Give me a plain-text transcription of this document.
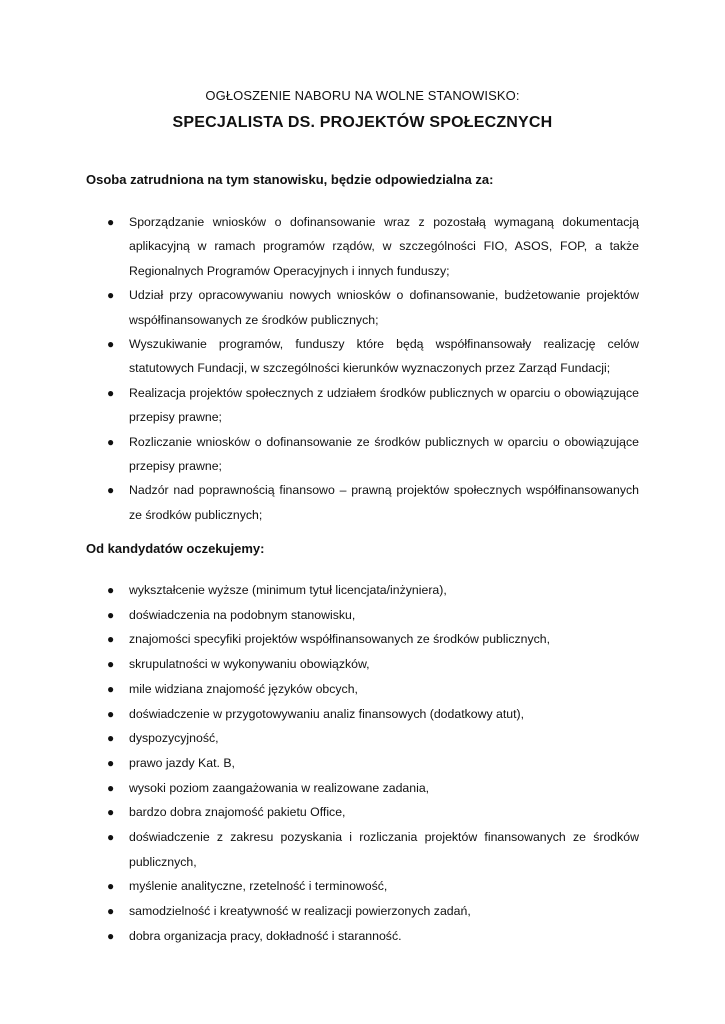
OGŁOSZENIE NABORU NA WOLNE STANOWISKO:
SPECJALISTA DS. PROJEKTÓW SPOŁECZNYCH

Osoba zatrudniona na tym stanowisku, będzie odpowiedzialna za:

● Sporządzanie wniosków o dofinansowanie wraz z pozostałą wymaganą dokumentacją aplikacyjną w ramach programów rządów, w szczególności FIO, ASOS, FOP, a także Regionalnych Programów Operacyjnych i innych funduszy;
● Udział przy opracowywaniu nowych wniosków o dofinansowanie, budżetowanie projektów współfinansowanych ze środków publicznych;
● Wyszukiwanie programów, funduszy które będą współfinansowały realizację celów statutowych Fundacji, w szczególności kierunków wyznaczonych przez Zarząd Fundacji;
● Realizacja projektów społecznych z udziałem środków publicznych w oparciu o obowiązujące przepisy prawne;
● Rozliczanie wniosków o dofinansowanie ze środków publicznych w oparciu o obowiązujące przepisy prawne;
● Nadzór nad poprawnością finansowo – prawną projektów społecznych współfinansowanych ze środków publicznych;

Od kandydatów oczekujemy:

● wykształcenie wyższe (minimum tytuł licencjata/inżyniera),
● doświadczenia na podobnym stanowisku,
● znajomości specyfiki projektów współfinansowanych ze środków publicznych,
● skrupulatności w wykonywaniu obowiązków,
● mile widziana znajomość języków obcych,
● doświadczenie w przygotowywaniu analiz finansowych (dodatkowy atut),
● dyspozycyjność,
● prawo jazdy Kat. B,
● wysoki poziom zaangażowania w realizowane zadania,
● bardzo dobra znajomość pakietu Office,
● doświadczenie z zakresu pozyskania i rozliczania projektów finansowanych ze środków publicznych,
● myślenie analityczne, rzetelność i terminowość,
● samodzielność i kreatywność w realizacji powierzonych zadań,
● dobra organizacja pracy, dokładność i staranność.
